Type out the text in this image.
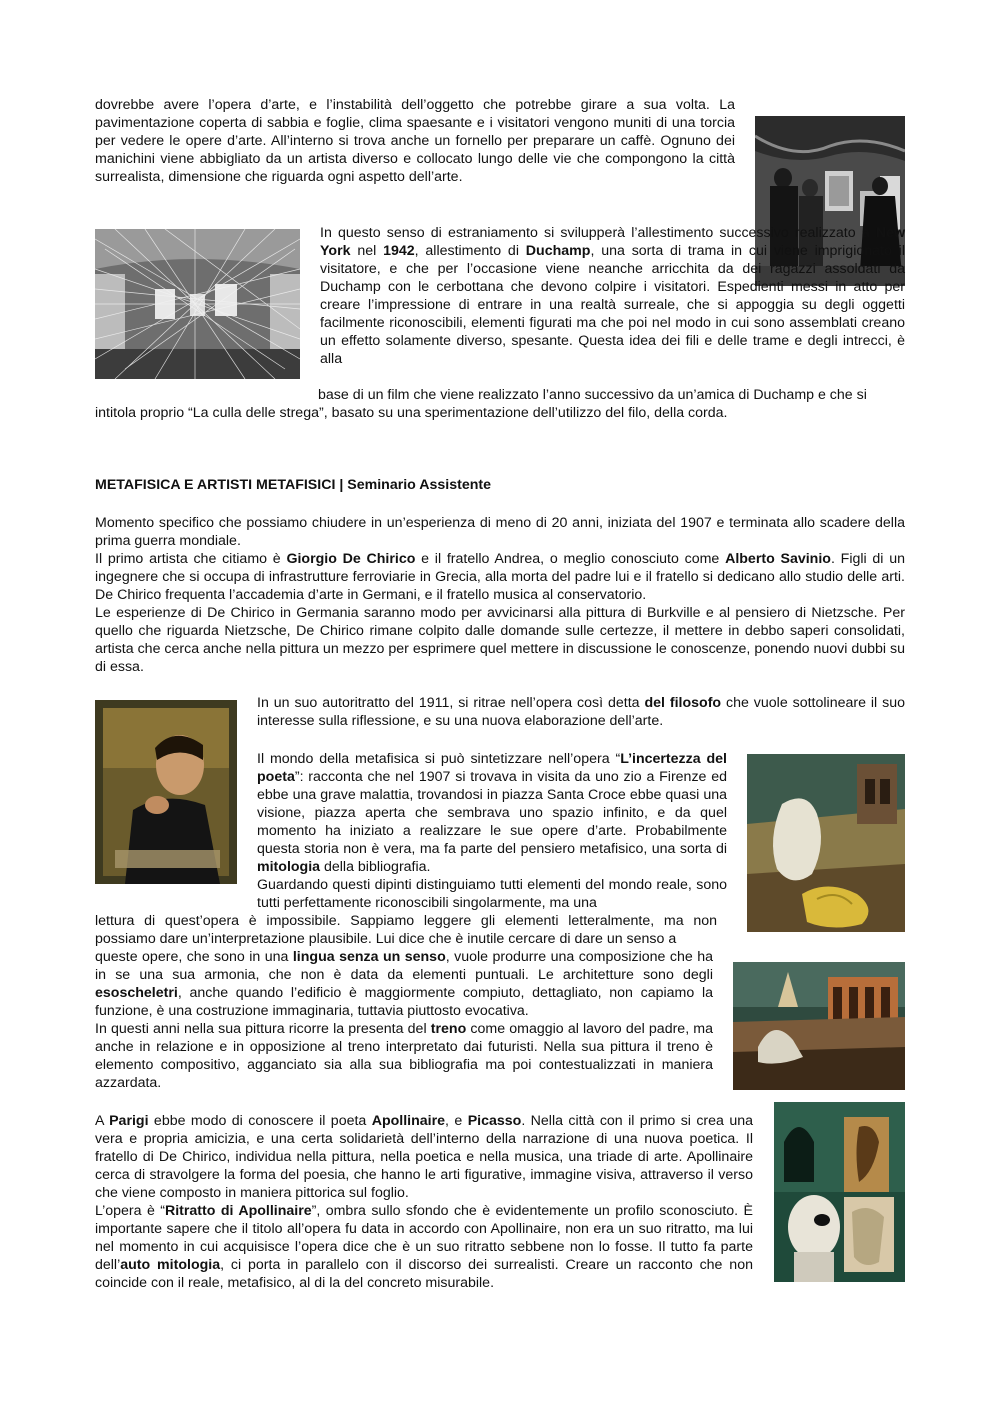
dovrebbe avere l’opera d’arte, e l’instabilità dell’oggetto che potrebbe girare a sua volta. La pavimentazione coperta di sabbia e foglie, clima spaesante e i visitatori vengono muniti di una torcia per vedere le opere d’arte. All’interno si trova anche un fornello per preparare un caffè. Ognuno dei manichini viene abbigliato da un artista diverso e collocato lungo delle vie che compongono la città surrealista, dimensione che riguarda ogni aspetto dell’arte.

In questo senso di estraniamento si svilupperà l’allestimento successivo realizzato a New York nel 1942, allestimento di Duchamp, una sorta di trama in cui viene imprigionato il visitatore, e che per l’occasione viene neanche arricchita da dei ragazzi assoldati da Duchamp con le cerbottana che devono colpire i visitatori. Espedienti messi in atto per creare l’impressione di entrare in una realtà surreale, che si appoggia su degli oggetti facilmente riconoscibili, elementi figurati ma che poi nel modo in cui sono assemblati creano un effetto solamente diverso, spesante. Questa idea dei fili e delle trame e degli intrecci, è alla

base di un film che viene realizzato l’anno successivo da un’amica di Duchamp e che si

intitola proprio “La culla delle strega”, basato su una sperimentazione dell’utilizzo del filo, della corda.

METAFISICA E ARTISTI METAFISICI | Seminario Assistente

Momento specifico che possiamo chiudere in un’esperienza di meno di 20 anni, iniziata del 1907 e terminata allo scadere della prima guerra mondiale.

Il primo artista che citiamo è Giorgio De Chirico e il fratello Andrea, o meglio conosciuto come Alberto Savinio. Figli di un ingegnere che si occupa di infrastrutture ferroviarie in Grecia, alla morta del padre lui e il fratello si dedicano allo studio delle arti. De Chirico frequenta l’accademia d’arte in Germani, e il fratello musica al conservatorio.

Le esperienze di De Chirico in Germania saranno modo per avvicinarsi alla pittura di Burkville e al pensiero di Nietzsche. Per quello che riguarda Nietzsche, De Chirico rimane colpito dalle domande sulle certezze, il mettere in debbo saperi consolidati, artista che cerca anche nella pittura un mezzo per esprimere quel mettere in discussione le conoscenze, ponendo nuovi dubbi su di essa.

In un suo autoritratto del 1911, si ritrae nell’opera così detta del filosofo che vuole sottolineare il suo interesse sulla riflessione, e su una nuova elaborazione dell’arte.

Il mondo della metafisica si può sintetizzare nell’opera “L’incertezza del poeta”: racconta che nel 1907 si trovava in visita da uno zio a Firenze ed ebbe una grave malattia, trovandosi in piazza Santa Croce ebbe quasi una visione, piazza aperta che sembrava uno spazio infinito, e da quel momento ha iniziato a realizzare le sue opere d’arte. Probabilmente questa storia non è vera, ma fa parte del pensiero metafisico, una sorta di mitologia della bibliografia.

Guardando questi dipinti distinguiamo tutti elementi del mondo reale, sono tutti perfettamente riconoscibili singolarmente, ma una

lettura di quest’opera è impossibile. Sappiamo leggere gli elementi letteralmente, ma non possiamo dare un’interpretazione plausibile. Lui dice che è inutile cercare di dare un senso a

queste opere, che sono in una lingua senza un senso, vuole produrre una composizione che ha in se una sua armonia, che non è data da elementi puntuali. Le architetture sono degli esoscheletri, anche quando l’edificio è maggiormente compiuto, dettagliato, non capiamo la funzione, è una costruzione immaginaria, tuttavia piuttosto evocativa.

In questi anni nella sua pittura ricorre la presenta del treno come omaggio al lavoro del padre, ma anche in relazione e in opposizione al treno interpretato dai futuristi. Nella sua pittura il treno è elemento compositivo, agganciato sia alla sua bibliografia ma poi contestualizzati in maniera azzardata.

A Parigi ebbe modo di conoscere il poeta Apollinaire, e Picasso. Nella città con il primo si crea una vera e propria amicizia, e una certa solidarietà dell’interno della narrazione di una nuova poetica. Il fratello di De Chirico, individua nella pittura, nella poetica e nella musica, una triade di arte. Apollinaire cerca di stravolgere la forma del poesia, che hanno le arti figurative, immagine visiva, attraverso il verso che viene composto in maniera pittorica sul foglio.

L’opera è “Ritratto di Apollinaire”, ombra sullo sfondo che è evidentemente un profilo sconosciuto. È importante sapere che il titolo all’opera fu data in accordo con Apollinaire, non era un suo ritratto, ma lui nel momento in cui acquisisce l’opera dice che è un suo ritratto sebbene non lo fosse. Il tutto fa parte dell’auto mitologia, ci porta in parallelo con il discorso dei surrealisti. Creare un racconto che non coincide con il reale, metafisico, al di la del concreto misurabile.
